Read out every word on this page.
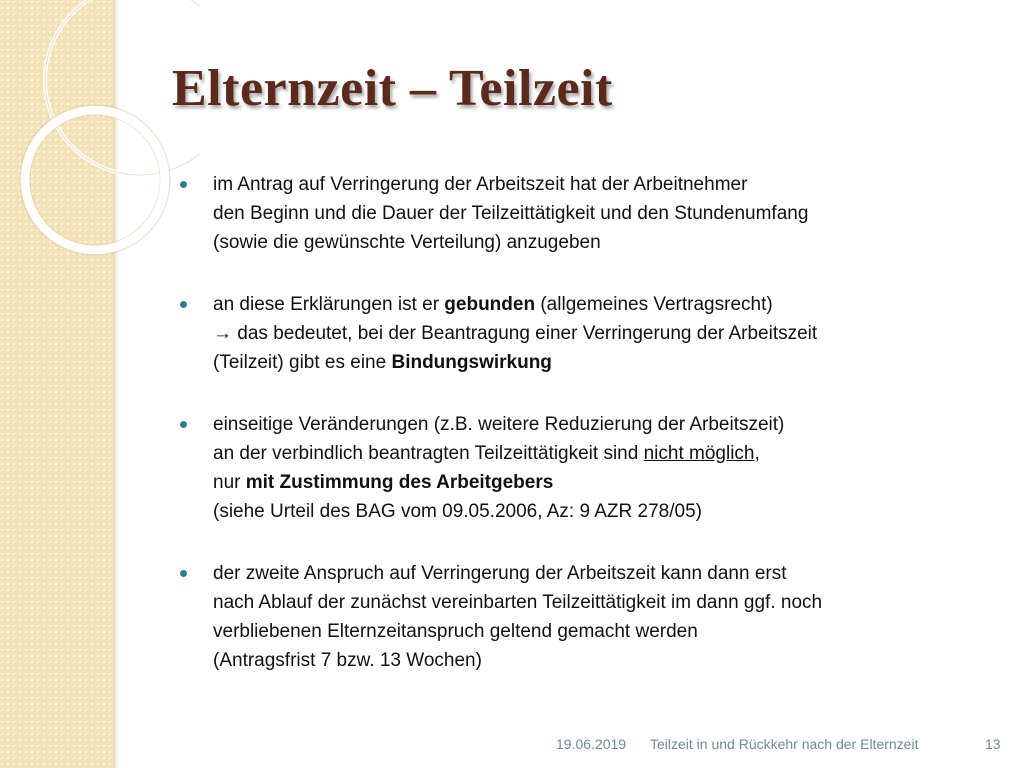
Elternzeit – Teilzeit
im Antrag auf Verringerung der Arbeitszeit hat der Arbeitnehmer
den Beginn und die Dauer der Teilzeittätigkeit und den Stundenumfang
(sowie die gewünschte Verteilung) anzugeben
an diese Erklärungen ist er gebunden (allgemeines Vertragsrecht)
→ das bedeutet, bei der Beantragung einer Verringerung der Arbeitszeit
(Teilzeit) gibt es eine Bindungswirkung
einseitige Veränderungen (z.B. weitere Reduzierung der Arbeitszeit)
an der verbindlich beantragten Teilzeittätigkeit sind nicht möglich,
nur mit Zustimmung des Arbeitgebers
(siehe Urteil des BAG vom 09.05.2006, Az: 9 AZR 278/05)
der zweite Anspruch auf Verringerung der Arbeitszeit kann dann erst
nach Ablauf der zunächst vereinbarten Teilzeittätigkeit im dann ggf. noch
verbliebenen Elternzeitanspruch geltend gemacht werden
(Antragsfrist 7 bzw. 13 Wochen)
19.06.2019 Teilzeit in und Rückkehr nach der Elternzeit	13
